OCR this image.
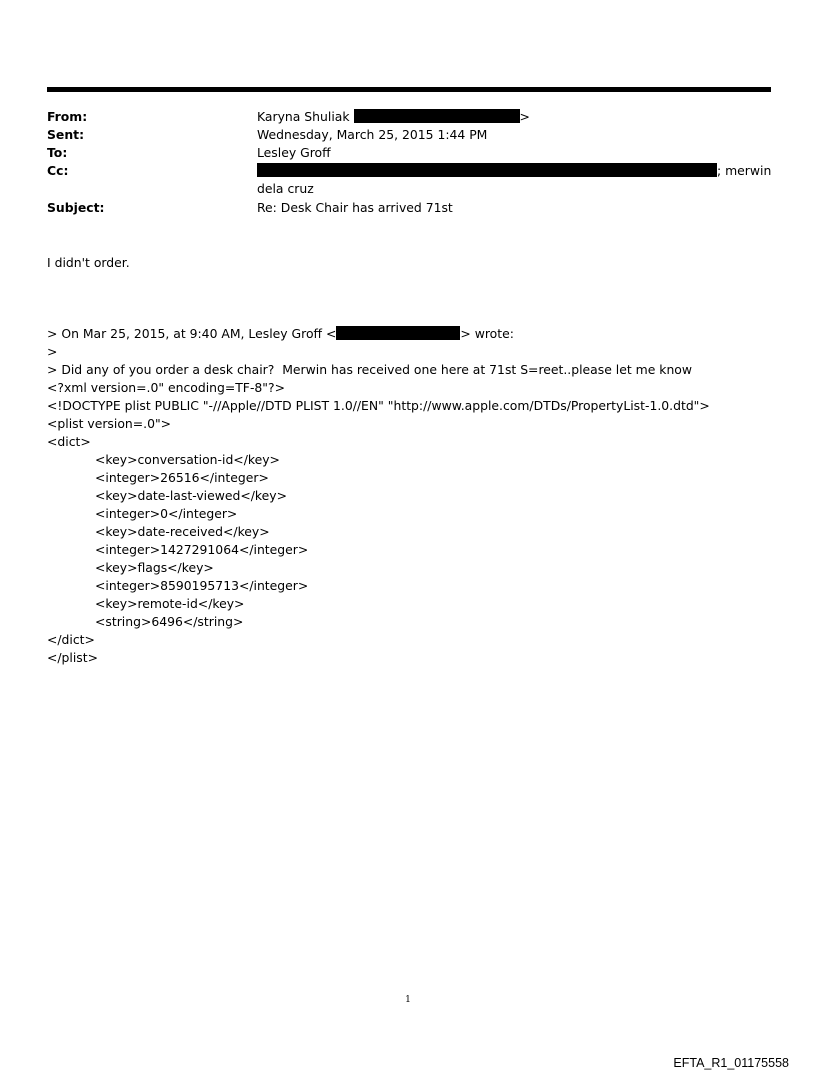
From:	Karyna Shuliak	>
Sent:	Wednesday, March 25, 2015 1:44 PM
To:	Lesley Groff
Cc:	; merwin
dela cruz
Subject:	Re: Desk Chair has arrived 71st
I didn't order.
> On Mar 25, 2015, at 9:40 AM, Lesley Groff <	> wrote:
>
> Did any of you order a desk chair?  Merwin has received one here at 71st S=reet..please let me know
<?xml version=.0" encoding=TF-8"?>
<!DOCTYPE plist PUBLIC "-//Apple//DTD PLIST 1.0//EN" "http://www.apple.com/DTDs/PropertyList-1.0.dtd">
<plist version=.0">
<dict>
<key>conversation-id</key>
<integer>26516</integer>
<key>date-last-viewed</key>
<integer>0</integer>
<key>date-received</key>
<integer>1427291064</integer>
<key>flags</key>
<integer>8590195713</integer>
<key>remote-id</key>
<string>6496</string>
</dict>
</plist>
1
EFTA_R1_01175558
